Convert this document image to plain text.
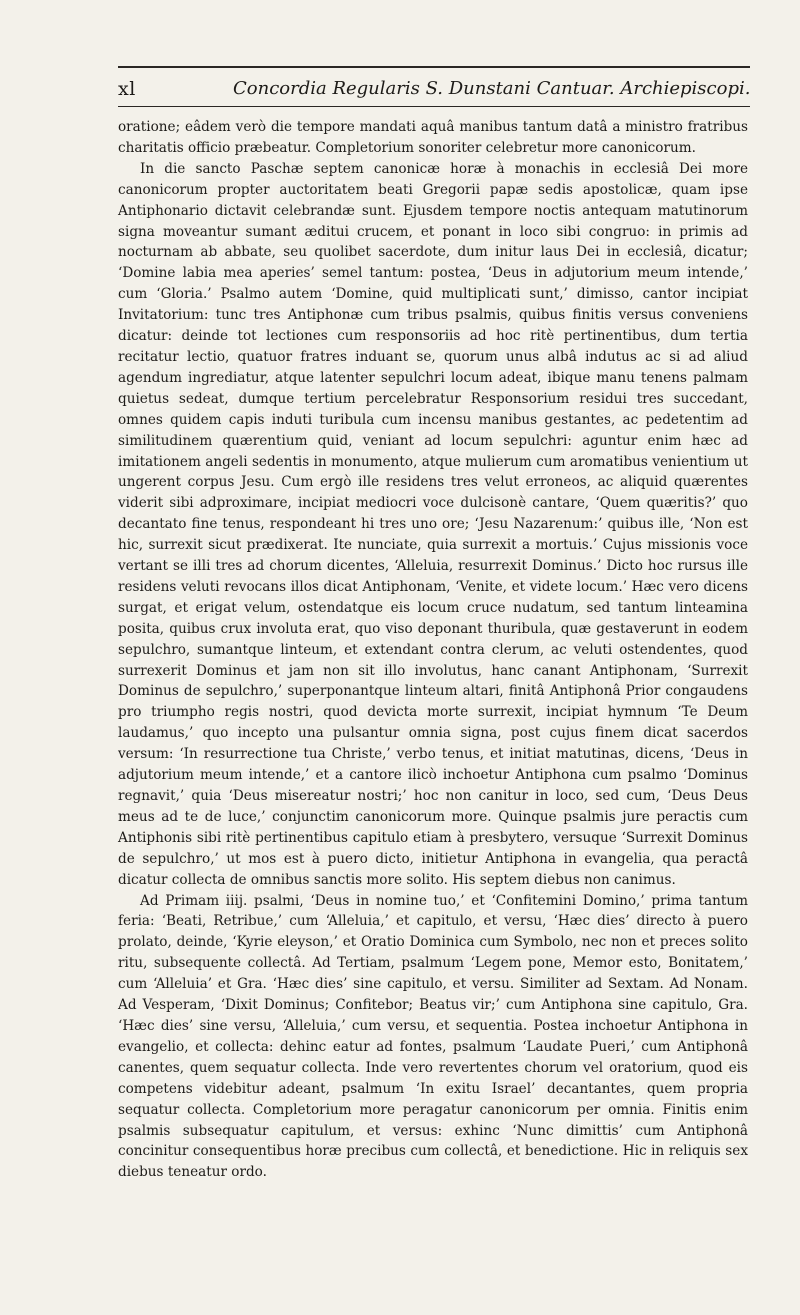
xl	Concordia Regularis S. Dunstani Cantuar. Archiepiscopi.

oratione; eâdem verò die tempore mandati aquâ manibus tantum datâ a ministro fratribus charitatis officio præbeatur. Completorium sonoriter celebretur more canonicorum.

In die sancto Paschæ septem canonicæ horæ à monachis in ecclesiâ Dei more canonicorum propter auctoritatem beati Gregorii papæ sedis apostolicæ, quam ipse Antiphonario dictavit celebrandæ sunt. Ejusdem tempore noctis antequam matutinorum signa moveantur sumant æditui crucem, et ponant in loco sibi congruo: in primis ad nocturnam ab abbate, seu quolibet sacerdote, dum initur laus Dei in ecclesiâ, dicatur; ‘Domine labia mea aperies’ semel tantum: postea, ‘Deus in adjutorium meum intende,’ cum ‘Gloria.’ Psalmo autem ‘Domine, quid multiplicati sunt,’ dimisso, cantor incipiat Invitatorium: tunc tres Antiphonæ cum tribus psalmis, quibus finitis versus conveniens dicatur: deinde tot lectiones cum responsoriis ad hoc ritè pertinentibus, dum tertia recitatur lectio, quatuor fratres induant se, quorum unus albâ indutus ac si ad aliud agendum ingrediatur, atque latenter sepulchri locum adeat, ibique manu tenens palmam quietus sedeat, dumque tertium percelebratur Responsorium residui tres succedant, omnes quidem capis induti turibula cum incensu manibus gestantes, ac pedetentim ad similitudinem quærentium quid, veniant ad locum sepulchri: aguntur enim hæc ad imitationem angeli sedentis in monumento, atque mulierum cum aromatibus venientium ut ungerent corpus Jesu. Cum ergò ille residens tres velut erroneos, ac aliquid quærentes viderit sibi adproximare, incipiat mediocri voce dulcisonè cantare, ‘Quem quæritis?’ quo decantato fine tenus, respondeant hi tres uno ore; ‘Jesu Nazarenum:’ quibus ille, ‘Non est hic, surrexit sicut prædixerat. Ite nunciate, quia surrexit a mortuis.’ Cujus missionis voce vertant se illi tres ad chorum dicentes, ‘Alleluia, resurrexit Dominus.’ Dicto hoc rursus ille residens veluti revocans illos dicat Antiphonam, ‘Venite, et videte locum.’ Hæc vero dicens surgat, et erigat velum, ostendatque eis locum cruce nudatum, sed tantum linteamina posita, quibus crux involuta erat, quo viso deponant thuribula, quæ gestaverunt in eodem sepulchro, sumantque linteum, et extendant contra clerum, ac veluti ostendentes, quod surrexerit Dominus et jam non sit illo involutus, hanc canant Antiphonam, ‘Surrexit Dominus de sepulchro,’ superponantque linteum altari, finitâ Antiphonâ Prior congaudens pro triumpho regis nostri, quod devicta morte surrexit, incipiat hymnum ‘Te Deum laudamus,’ quo incepto una pulsantur omnia signa, post cujus finem dicat sacerdos versum: ‘In resurrectione tua Christe,’ verbo tenus, et initiat matutinas, dicens, ‘Deus in adjutorium meum intende,’ et a cantore ilicò inchoetur Antiphona cum psalmo ‘Dominus regnavit,’ quia ‘Deus misereatur nostri;’ hoc non canitur in loco, sed cum, ‘Deus Deus meus ad te de luce,’ conjunctim canonicorum more. Quinque psalmis jure peractis cum Antiphonis sibi ritè pertinentibus capitulo etiam à presbytero, versuque ‘Surrexit Dominus de sepulchro,’ ut mos est à puero dicto, initietur Antiphona in evangelia, qua peractâ dicatur collecta de omnibus sanctis more solito. His septem diebus non canimus.

Ad Primam iiij. psalmi, ‘Deus in nomine tuo,’ et ‘Confitemini Domino,’ prima tantum feria: ‘Beati, Retribue,’ cum ‘Alleluia,’ et capitulo, et versu, ‘Hæc dies’ directo à puero prolato, deinde, ‘Kyrie eleyson,’ et Oratio Dominica cum Symbolo, nec non et preces solito ritu, subsequente collectâ. Ad Tertiam, psalmum ‘Legem pone, Memor esto, Bonitatem,’ cum ‘Alleluia’ et Gra. ‘Hæc dies’ sine capitulo, et versu. Similiter ad Sextam. Ad Nonam. Ad Vesperam, ‘Dixit Dominus; Confitebor; Beatus vir;’ cum Antiphona sine capitulo, Gra. ‘Hæc dies’ sine versu, ‘Alleluia,’ cum versu, et sequentia. Postea inchoetur Antiphona in evangelio, et collecta: dehinc eatur ad fontes, psalmum ‘Laudate Pueri,’ cum Antiphonâ canentes, quem sequatur collecta. Inde vero revertentes chorum vel oratorium, quod eis competens videbitur adeant, psalmum ‘In exitu Israel’ decantantes, quem propria sequatur collecta. Completorium more peragatur canonicorum per omnia. Finitis enim psalmis subsequatur capitulum, et versus: exhinc ‘Nunc dimittis’ cum Antiphonâ concinitur consequentibus horæ precibus cum collectâ, et benedictione. Hic in reliquis sex diebus teneatur ordo.
